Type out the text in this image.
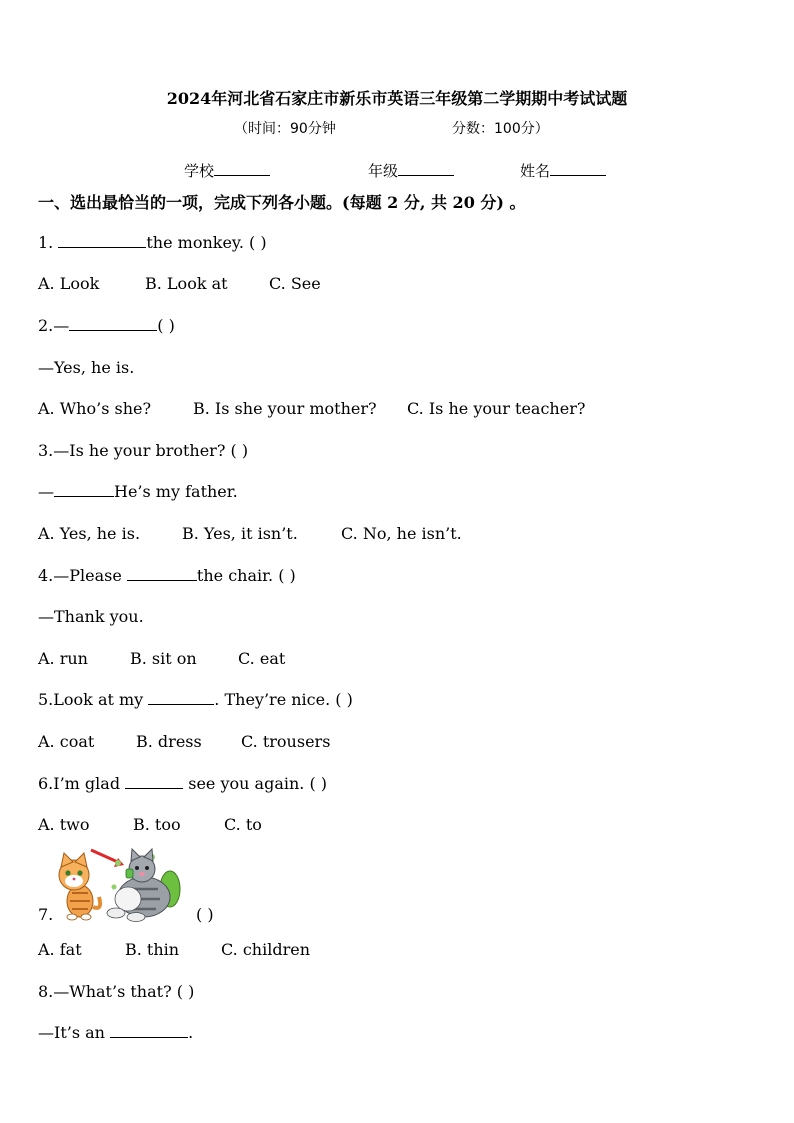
2024年河北省石家庄市新乐市英语三年级第二学期期中考试试题
（时间：90分钟	分数：100分）
学校	年级	姓名
一、选出最恰当的一项，完成下列各小题。(每题 2 分, 共 20 分) 。
1.	the monkey. ( )
A. Look	B. Look at	C. See
2.—	( )
—Yes, he is.
A. Who’s she?	B. Is she your mother? C. Is he your teacher?
3.—Is he your brother? ( )
—	He’s my father.
A. Yes, he is.	B. Yes, it isn’t.	C. No, he isn’t.
4.—Please	the chair. ( )
—Thank you.
A. run	B. sit on	C. eat
5.Look at my	. They’re nice. ( )
A. coat	B. dress C. trousers
6.I’m glad	see you again. ( )
A. two	B. too	C. to
7.	( )
A. fat	B. thin	C. children
8.—What’s that? ( )
—It’s an	.
